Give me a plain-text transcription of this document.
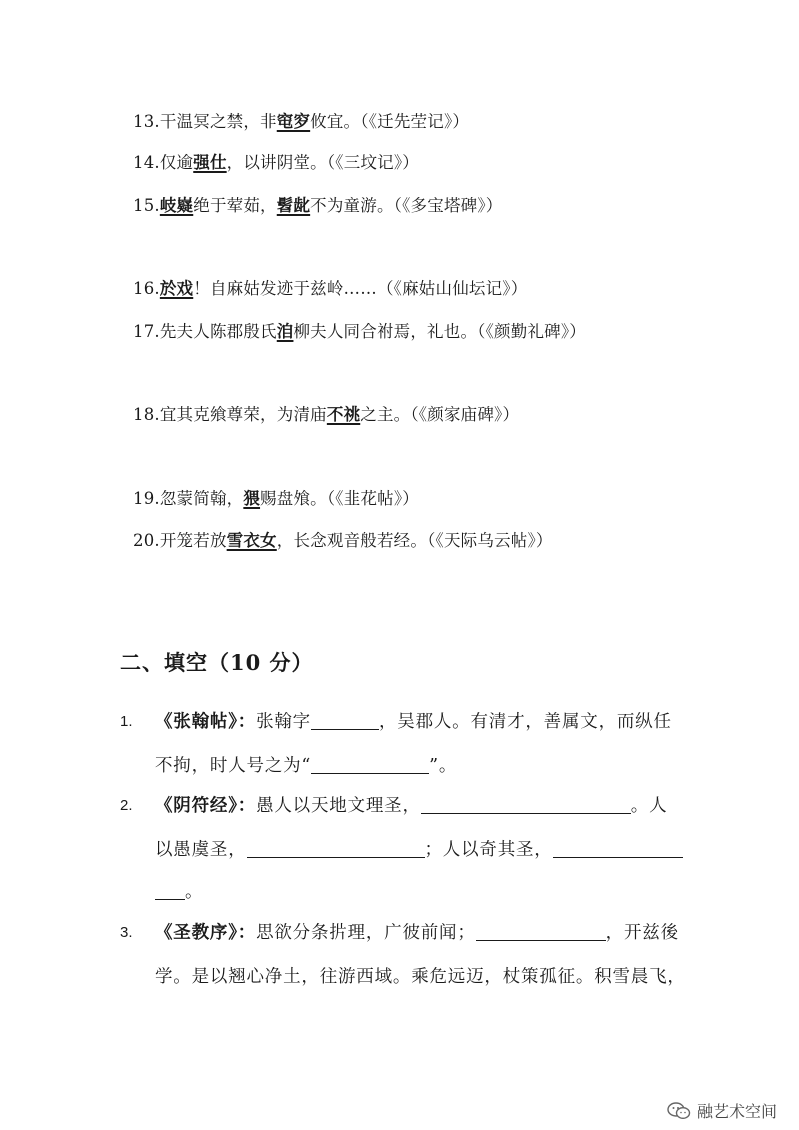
13.干温冥之禁，非窀穸攸宜。（《迁先茔记》）
14.仅逾强仕，以讲阴堂。（《三坟记》）
15.岐嶷绝于荤茹，髫龀不为童游。（《多宝塔碑》）
16.於戏！自麻姑发迹于兹岭……（《麻姑山仙坛记》）
17.先夫人陈郡殷氏洎柳夫人同合祔焉，礼也。（《颜勤礼碑》）
18.宜其克飨尊荣，为清庙不祧之主。（《颜家庙碑》）
19.忽蒙简翰，猥赐盘飧。（《韭花帖》）
20.开笼若放雪衣女，长念观音般若经。（《天际乌云帖》）
二、填空（10 分）
1. 《张翰帖》：张翰字	，吴郡人。有清才，善属文，而纵任
不拘，时人号之为“	”。
2. 《阴符经》：愚人以天地文理圣，	。人
以愚虞圣，	；人以奇其圣，
。
3. 《圣教序》：思欲分条扸理，广彼前闻；	，开兹後
学。是以翘心净土，往游西域。乘危远迈，杖策孤征。积雪晨飞，
融艺术空间
